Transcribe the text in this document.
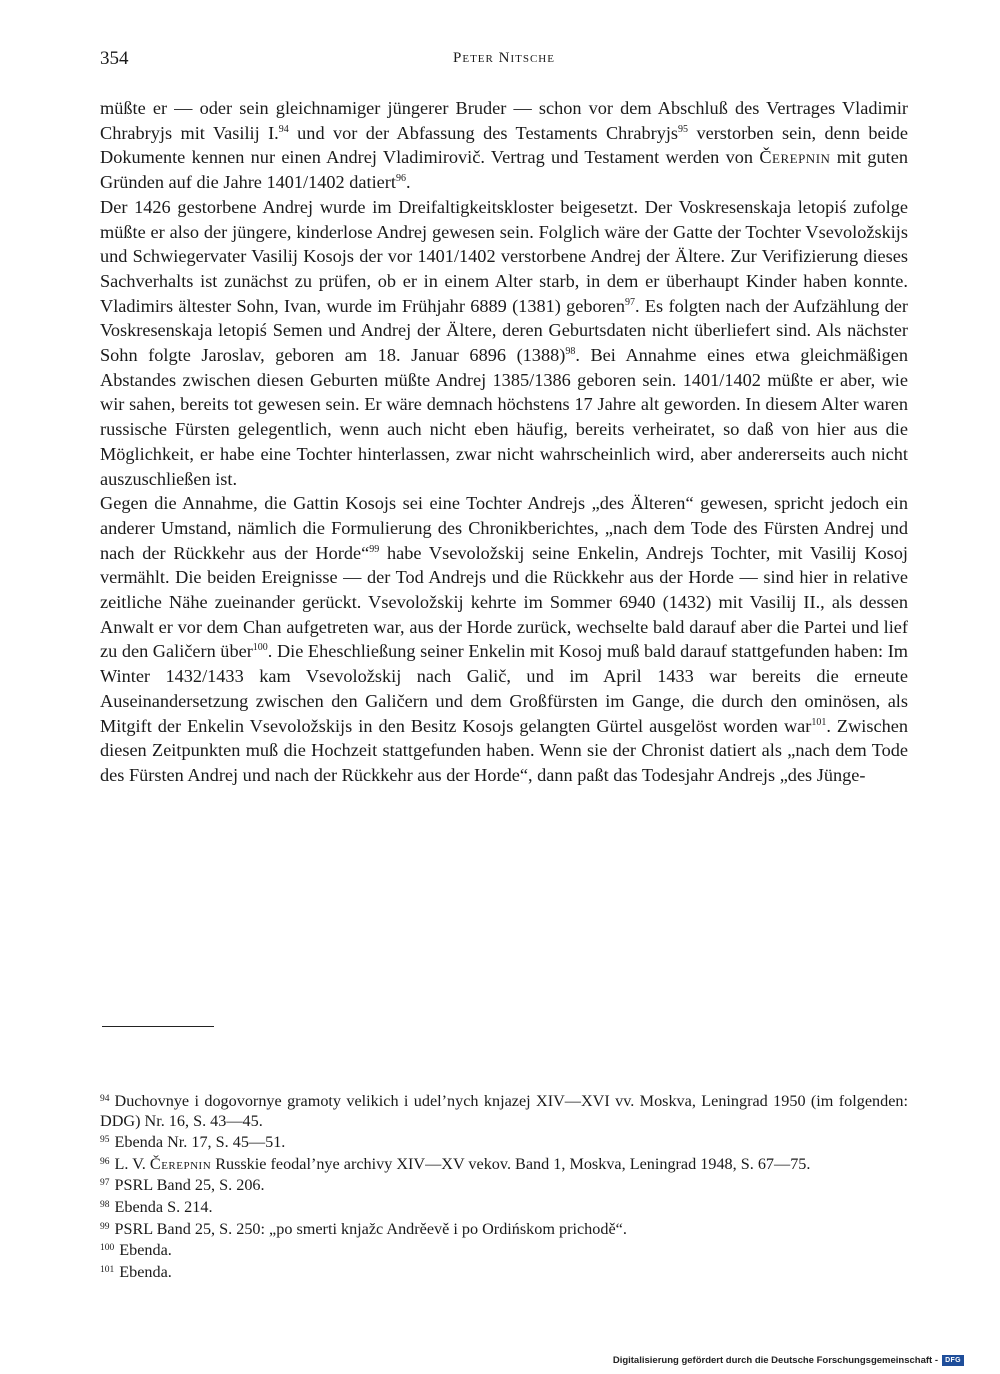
354	Peter Nitsche

müßte er — oder sein gleichnamiger jüngerer Bruder — schon vor dem Abschluß des Vertrages Vladimir Chrabryjs mit Vasilij I.$^{94}$ und vor der Abfassung des Testaments Chrabryjs$^{95}$ verstorben sein, denn beide Dokumente kennen nur einen Andrej Vladimirovič. Vertrag und Testament werden von Čerepnin mit guten Gründen auf die Jahre 1401/1402 datiert$^{96}$.

Der 1426 gestorbene Andrej wurde im Dreifaltigkeitskloster beigesetzt. Der Voskresenskaja letopiś zufolge müßte er also der jüngere, kinderlose Andrej gewesen sein. Folglich wäre der Gatte der Tochter Vsevoložskijs und Schwiegervater Vasilij Kosojs der vor 1401/1402 verstorbene Andrej der Ältere. Zur Verifizierung dieses Sachverhalts ist zunächst zu prüfen, ob er in einem Alter starb, in dem er überhaupt Kinder haben konnte. Vladimirs ältester Sohn, Ivan, wurde im Frühjahr 6889 (1381) geboren$^{97}$. Es folgten nach der Aufzählung der Voskresenskaja letopiś Semen und Andrej der Ältere, deren Geburtsdaten nicht überliefert sind. Als nächster Sohn folgte Jaroslav, geboren am 18. Januar 6896 $(1388)^{98}$. Bei Annahme eines etwa gleichmäßigen Abstandes zwischen diesen Geburten müßte Andrej 1385/1386 geboren sein. 1401/1402 müßte er aber, wie wir sahen, bereits tot gewesen sein. Er wäre demnach höchstens 17 Jahre alt geworden. In diesem Alter waren russische Fürsten gelegentlich, wenn auch nicht eben häufig, bereits verheiratet, so daß von hier aus die Möglichkeit, er habe eine Tochter hinterlassen, zwar nicht wahrscheinlich wird, aber andererseits auch nicht auszuschließen ist.

Gegen die Annahme, die Gattin Kosojs sei eine Tochter Andrejs „des Älteren“ gewesen, spricht jedoch ein anderer Umstand, nämlich die Formulierung des Chronikberichtes, „nach dem Tode des Fürsten Andrej und nach der Rückkehr aus der Horde“$^{99}$ habe Vsevoložskij seine Enkelin, Andrejs Tochter, mit Vasilij Kosoj vermählt. Die beiden Ereignisse — der Tod Andrejs und die Rückkehr aus der Horde — sind hier in relative zeitliche Nähe zueinander gerückt. Vsevoložskij kehrte im Sommer 6940 (1432) mit Vasilij II., als dessen Anwalt er vor dem Chan aufgetreten war, aus der Horde zurück, wechselte bald darauf aber die Partei und lief zu den Galičern über$^{100}$. Die Eheschließung seiner Enkelin mit Kosoj muß bald darauf stattgefunden haben: Im Winter 1432/1433 kam Vsevoložskij nach Galič, und im April 1433 war bereits die erneute Auseinandersetzung zwischen den Galičern und dem Großfürsten im Gange, die durch den ominösen, als Mitgift der Enkelin Vsevoložskijs in den Besitz Kosojs gelangten Gürtel ausgelöst worden war$^{101}$. Zwischen diesen Zeitpunkten muß die Hochzeit stattgefunden haben. Wenn sie der Chronist datiert als „nach dem Tode des Fürsten Andrej und nach der Rückkehr aus der Horde“, dann paßt das Todesjahr Andrejs „des Jünge-

$^{94}$ Duchovnye i dogovornye gramoty velikich i udel’nych knjazej XIV—XVI vv. Moskva, Leningrad 1950 (im folgenden: DDG) Nr. 16, S. 43—45.

$^{95}$ Ebenda Nr. 17, S. 45—51.

$^{96}$ L. V. Čerepnin Russkie feodal’nye archivy XIV—XV vekov. Band 1, Moskva, Leningrad 1948, S. 67—75.

$^{97}$ PSRL Band 25, S. 206.

$^{98}$ Ebenda S. 214.

$^{99}$ PSRL Band 25, S. 250: „po smerti knjažc Andrěevě i po Ordińskom prichodě“.

$^{100}$ Ebenda.

$^{101}$ Ebenda.

Digitalisierung gefördert durch die Deutsche Forschungsgemeinschaft -	DFG
